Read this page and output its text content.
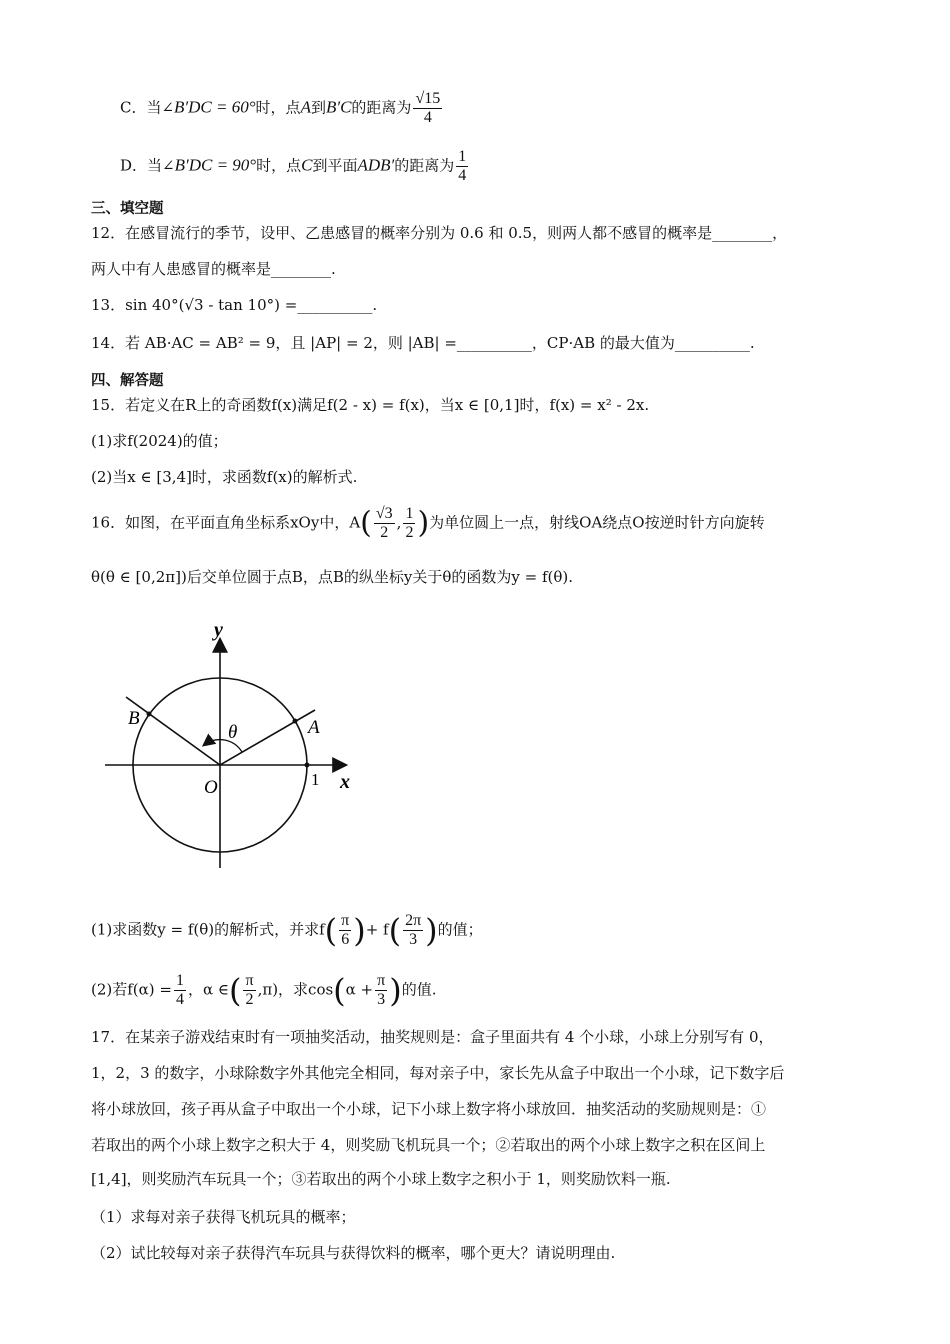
C．当∠B′DC = 60°时，点A到B′C的距离为 $\frac{√15}{4}$
D．当∠B′DC = 90°时，点C到平面ADB′的距离为 $\frac{1}{4}$
三、填空题
12．在感冒流行的季节，设甲、乙患感冒的概率分别为 0.6 和 0.5，则两人都不感冒的概率是________，
两人中有人患感冒的概率是________.
13．sin 40°(√3 - tan 10°) =__________.
14．若 AB·AC = AB² = 9，且 |AP| = 2，则 |AB| =__________，CP·AB 的最大值为__________.
四、解答题
15．若定义在R上的奇函数f(x)满足f(2 - x) = f(x)，当x ∈ [0,1]时，f(x) = x² - 2x.
(1)求f(2024)的值；
(2)当x ∈ [3,4]时，求函数f(x)的解析式.
16．如图，在平面直角坐标系xOy中，$A( \frac{√3}{2}$ , $\frac{1}{2}$ )为单位圆上一点，射线OA绕点O按逆时针方向旋转
θ(θ ∈ [0,2π])后交单位圆于点B，点B的纵坐标y关于θ的函数为y = f(θ).
y
x
O
A
B
θ
1
(1)求函数y = f(θ)的解析式，并求$f( \frac{\pi}{6}$ )+ $f( \frac{2\pi}{3}$ )的值；
(2)若$f(\alpha) = \frac{1}{4}$ ，α ∈( $\frac{\pi}{2} ,\pi$)，求$\cos(\alpha + \frac{\pi}{3}$ )的值.
17．在某亲子游戏结束时有一项抽奖活动，抽奖规则是：盒子里面共有 4 个小球，小球上分别写有 0，
1，2，3 的数字，小球除数字外其他完全相同，每对亲子中，家长先从盒子中取出一个小球，记下数字后
将小球放回，孩子再从盒子中取出一个小球，记下小球上数字将小球放回．抽奖活动的奖励规则是：①
若取出的两个小球上数字之积大于 4，则奖励飞机玩具一个；②若取出的两个小球上数字之积在区间上
[1,4]，则奖励汽车玩具一个；③若取出的两个小球上数字之积小于 1，则奖励饮料一瓶.
（1）求每对亲子获得飞机玩具的概率；
（2）试比较每对亲子获得汽车玩具与获得饮料的概率，哪个更大？请说明理由.
